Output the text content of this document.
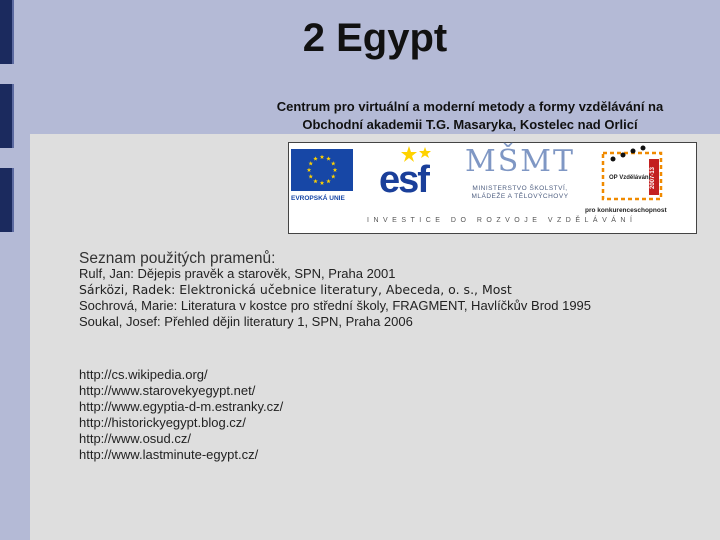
2 Egypt
Centrum pro virtuální a moderní metody a formy vzdělávání na
Obchodní akademii T.G. Masaryka, Kostelec nad Orlicí
EVROPSKÁ UNIE esf MŠMT
MINISTERSTVO ŠKOLSTVÍ,
MLÁDEŽE A TĚLOVÝCHOVY
2007-13
OP Vzdělávání
pro konkurenceschopnost
INVESTICE DO ROZVOJE VZDĚLÁVÁNÍ
Seznam použitých pramenů:
Rulf, Jan: Dějepis pravěk a starověk, SPN, Praha 2001
Sárközi, Radek: Elektronická učebnice literatury, Abeceda, o. s., Most
Sochrová, Marie: Literatura v kostce pro střední školy, FRAGMENT, Havlíčkův Brod 1995
Soukal, Josef: Přehled dějin literatury 1, SPN, Praha 2006
http://cs.wikipedia.org/
http://www.starovekyegypt.net/
http://www.egyptia-d-m.estranky.cz/
http://historickyegypt.blog.cz/
http://www.osud.cz/
http://www.lastminute-egypt.cz/
